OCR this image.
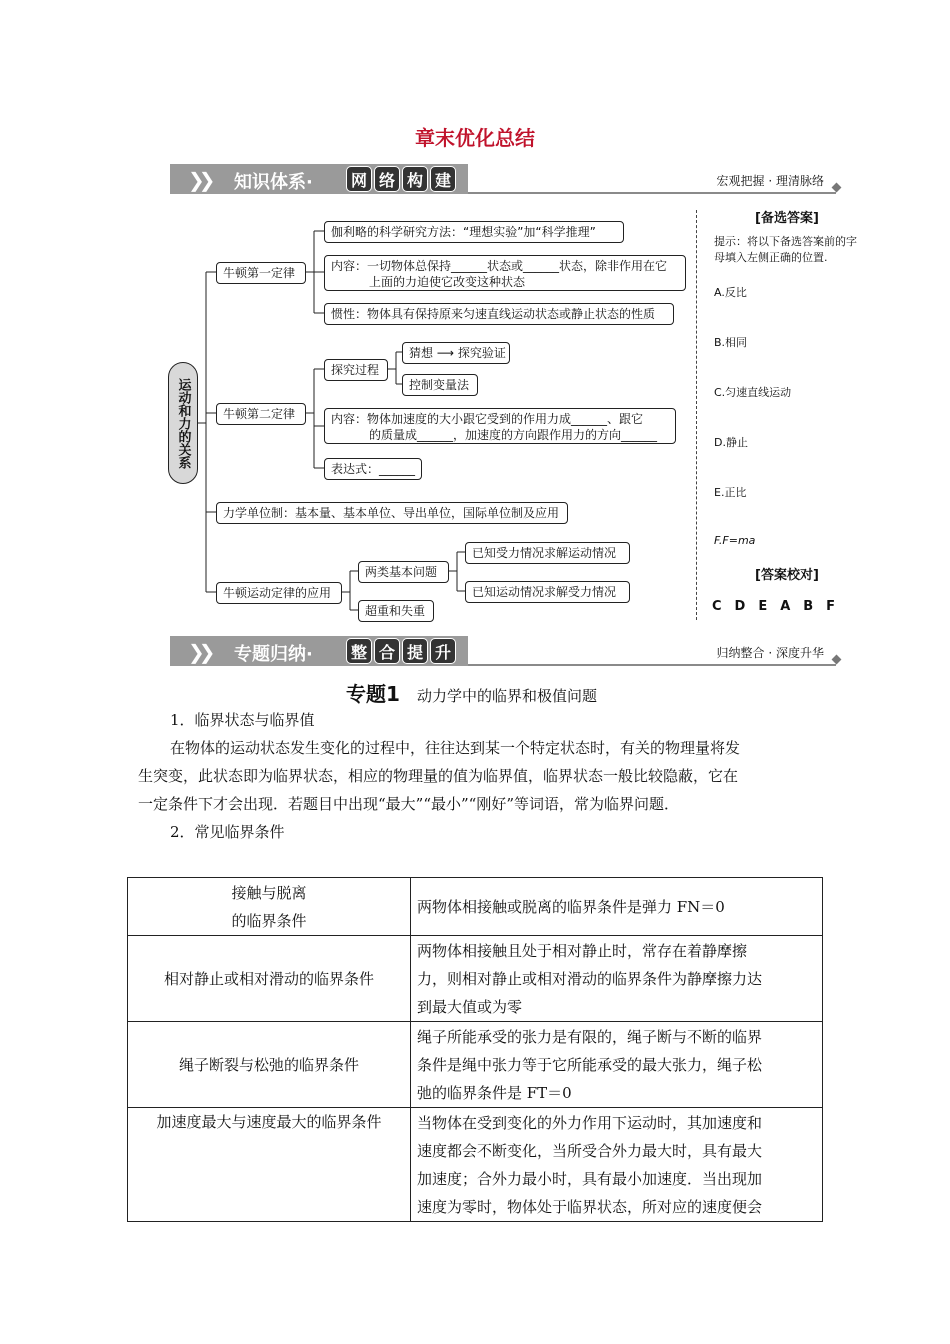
章末优化总结
❯❯ 知识体系·	网 络 构 建	宏观把握 · 理清脉络
运动和力的关系
牛顿第一定律
伽利略的科学研究方法：“理想实验”加“科学推理”
内容：一切物体总保持______状态或______状态，除非作用在它
上面的力迫使它改变这种状态
惯性：物体具有保持原来匀速直线运动状态或静止状态的性质
牛顿第二定律
探究过程
猜想 ⟶ 探究验证
控制变量法
内容：物体加速度的大小跟它受到的作用力成______、跟它
的质量成______，加速度的方向跟作用力的方向______
表达式：______
力学单位制：基本量、基本单位、导出单位，国际单位制及应用
牛顿运动定律的应用
两类基本问题
已知受力情况求解运动情况
已知运动情况求解受力情况
超重和失重
[备选答案]
提示：将以下备选答案前的字
母填入左侧正确的位置.
A.反比
B.相同
C.匀速直线运动
D.静止
E.正比
F.F=ma
[答案校对]
C　D　E　A　B　F
❯❯ 专题归纳·	整 合 提 升	归纳整合 · 深度升华
专题1 动力学中的临界和极值问题
1．临界状态与临界值
在物体的运动状态发生变化的过程中，往往达到某一个特定状态时，有关的物理量将发
生突变，此状态即为临界状态，相应的物理量的值为临界值，临界状态一般比较隐蔽，它在
一定条件下才会出现．若题目中出现“最大”“最小”“刚好”等词语，常为临界问题．
2．常见临界条件
接触与脱离
的临界条件	两物体相接触或脱离的临界条件是弹力 FN＝0

相对静止或相对滑动的临界条件	两物体相接触且处于相对静止时，常存在着静摩擦
力，则相对静止或相对滑动的临界条件为静摩擦力达
到最大值或为零

绳子断裂与松弛的临界条件	绳子所能承受的张力是有限的，绳子断与不断的临界
条件是绳中张力等于它所能承受的最大张力，绳子松
弛的临界条件是 FT＝0

加速度最大与速度最大的临界条件	当物体在受到变化的外力作用下运动时，其加速度和
速度都会不断变化，当所受合外力最大时，具有最大
加速度；合外力最小时，具有最小加速度．当出现加
速度为零时，物体处于临界状态，所对应的速度便会
